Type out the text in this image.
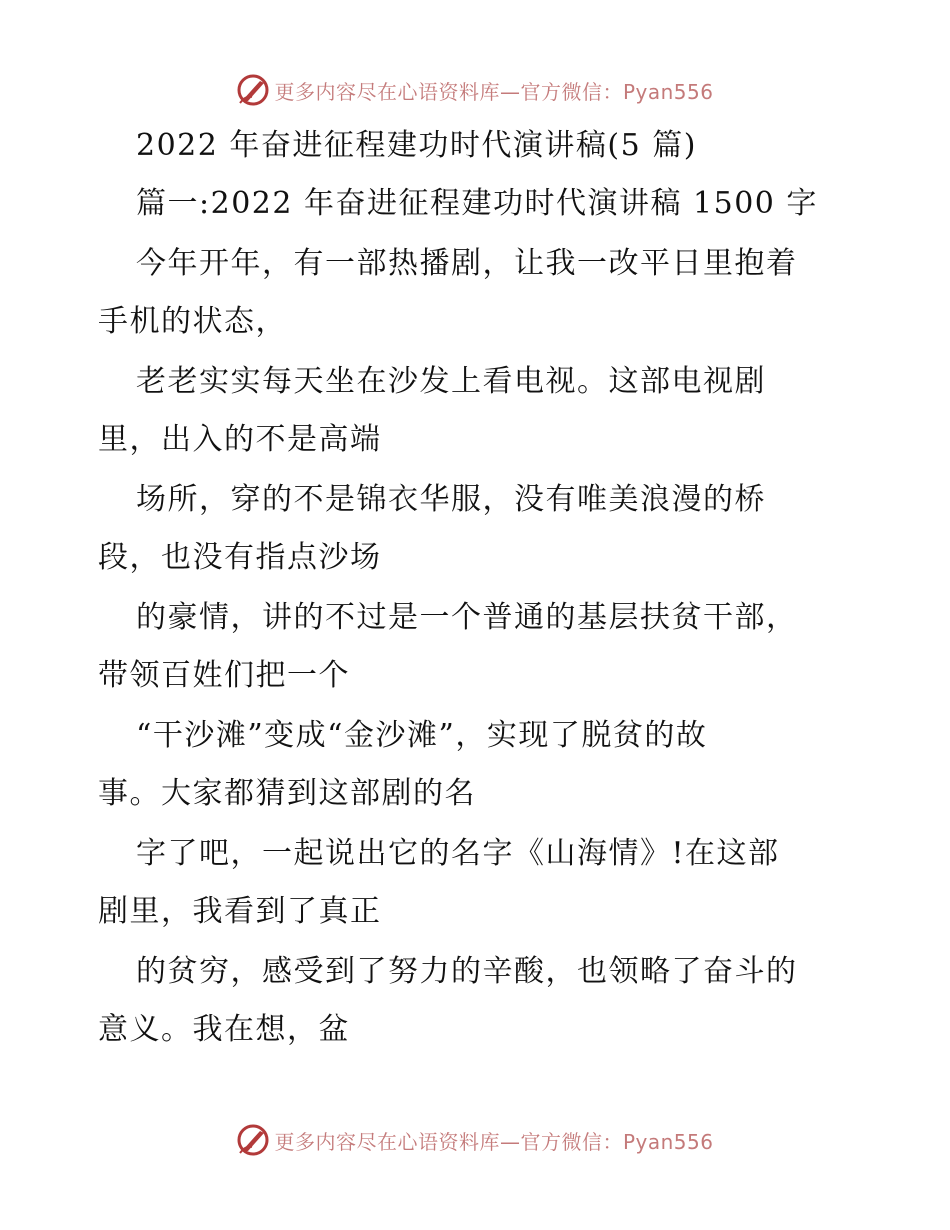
更多内容尽在心语资料库—官方微信：Pyan556
2022 年奋进征程建功时代演讲稿(5 篇)
篇一:2022 年奋进征程建功时代演讲稿 1500 字
今年开年，有一部热播剧，让我一改平日里抱着
手机的状态，
老老实实每天坐在沙发上看电视。这部电视剧
里，出入的不是高端
场所，穿的不是锦衣华服，没有唯美浪漫的桥
段，也没有指点沙场
的豪情，讲的不过是一个普通的基层扶贫干部，
带领百姓们把一个
“干沙滩”变成“金沙滩”，实现了脱贫的故
事。大家都猜到这部剧的名
字了吧，一起说出它的名字《山海情》!在这部
剧里，我看到了真正
的贫穷，感受到了努力的辛酸，也领略了奋斗的
意义。我在想，盆
更多内容尽在心语资料库—官方微信：Pyan556
